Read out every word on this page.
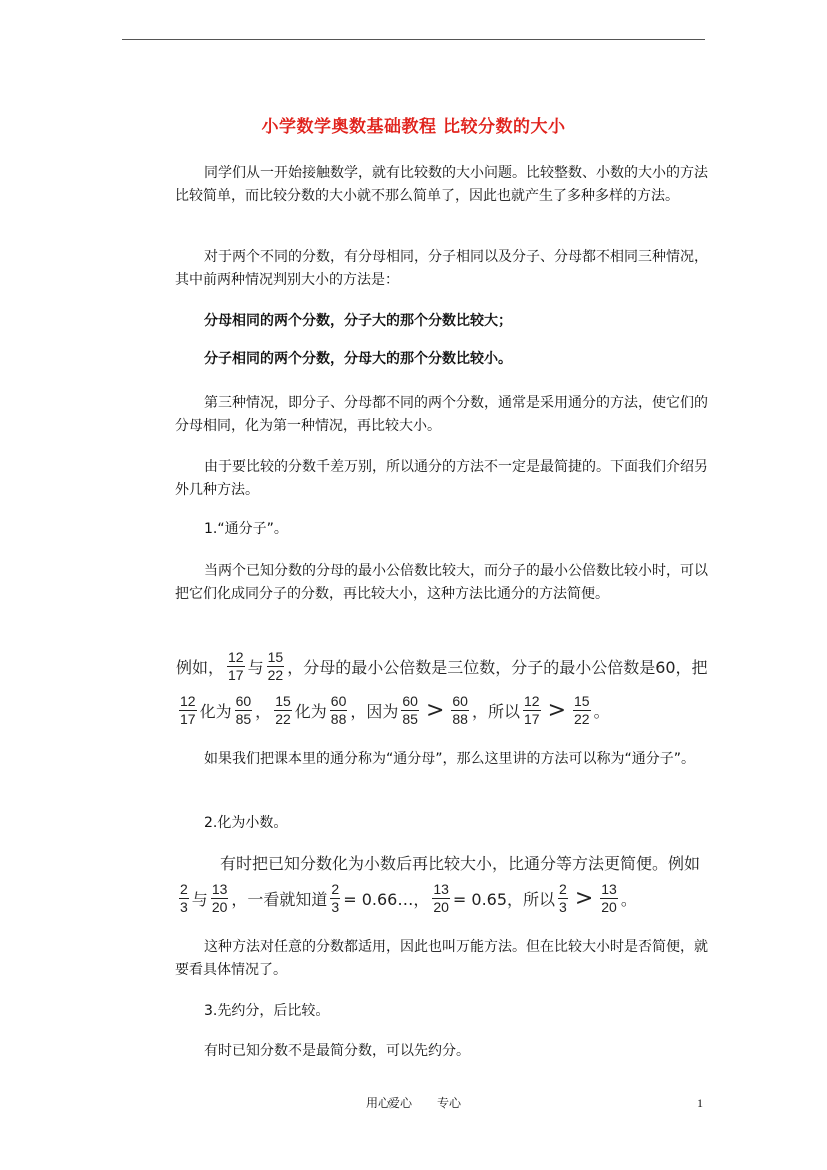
小学数学奥数基础教程 比较分数的大小

同学们从一开始接触数学，就有比较数的大小问题。比较整数、小数的大小的方法比较简单，而比较分数的大小就不那么简单了，因此也就产生了多种多样的方法。

对于两个不同的分数，有分母相同，分子相同以及分子、分母都不相同三种情况，其中前两种情况判别大小的方法是：

分母相同的两个分数，分子大的那个分数比较大；

分子相同的两个分数，分母大的那个分数比较小。

第三种情况，即分子、分母都不同的两个分数，通常是采用通分的方法，使它们的分母相同，化为第一种情况，再比较大小。

由于要比较的分数千差万别，所以通分的方法不一定是最简捷的。下面我们介绍另外几种方法。

1.“通分子”。

当两个已知分数的分母的最小公倍数比较大，而分子的最小公倍数比较小时，可以把它们化成同分子的分数，再比较大小，这种方法比通分的方法简便。

例如， $\frac{12}{17}$ 与 $\frac{15}{22}$ ，分母的最小公倍数是三位数，分子的最小公倍数是60，把
$\frac{12}{17}$ 化为 $\frac{60}{85}$ ， $\frac{15}{22}$ 化为 $\frac{60}{88}$ ，因为 $\frac{60}{85} > \frac{60}{88}$ ，所以 $\frac{12}{17} > \frac{15}{22}$ 。

如果我们把课本里的通分称为“通分母”，那么这里讲的方法可以称为“通分子”。

2.化为小数。

有时把已知分数化为小数后再比较大小，比通分等方法更简便。例如
$\frac{2}{3}$ 与 $\frac{13}{20}$ ，一看就知道 $\frac{2}{3}$ = 0.66…， $\frac{13}{20} = 0.65$，所以 $\frac{2}{3} > \frac{13}{20}$ 。

这种方法对任意的分数都适用，因此也叫万能方法。但在比较大小时是否简便，就要看具体情况了。

3.先约分，后比较。

有时已知分数不是最简分数，可以先约分。

用心
爱心 专心	1
